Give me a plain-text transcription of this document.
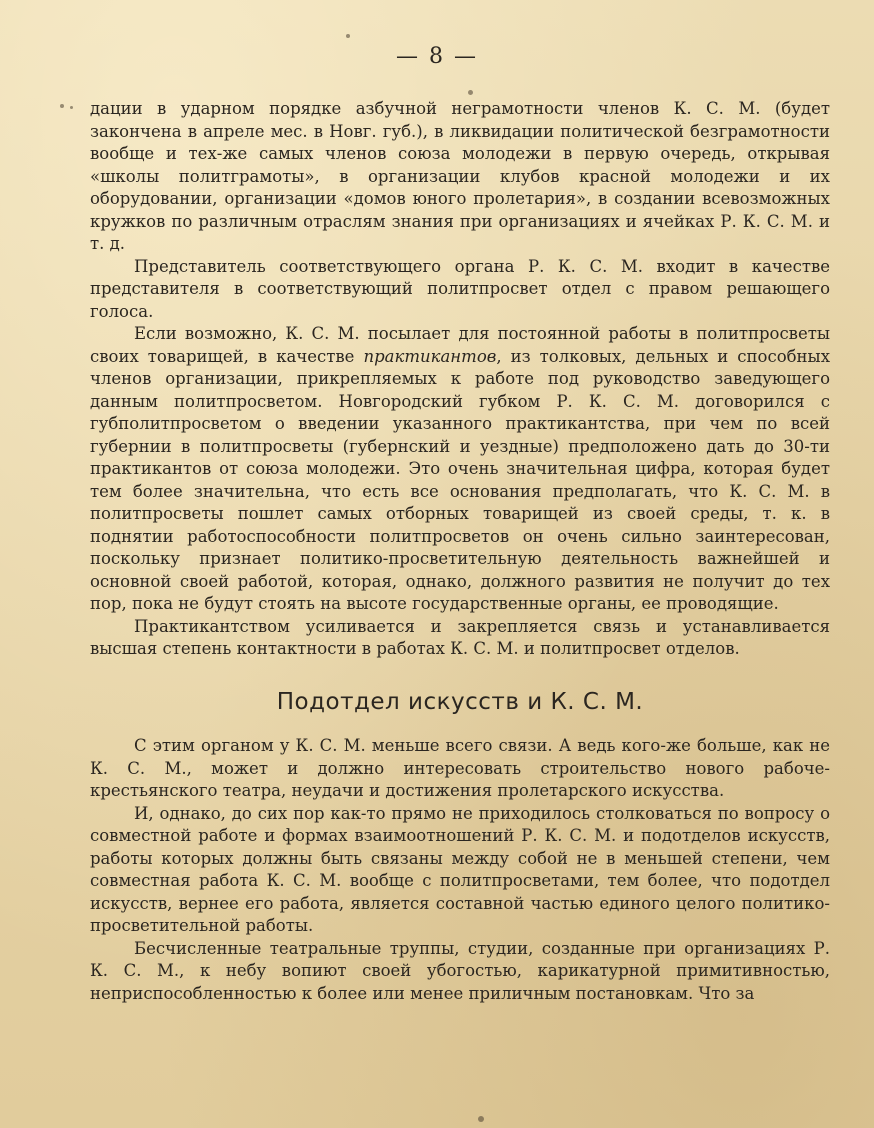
— 8 —

дации в ударном порядке азбучной неграмотности членов К. С. М. (будет закончена в апреле мес. в Новг. губ.), в ликвидации политической безграмотности вообще и тех-же самых членов союза молодежи в первую очередь, открывая «школы политграмоты», в организации клубов красной молодежи и их оборудовании, организации «домов юного пролетария», в создании всевозможных кружков по различным отраслям знания при организациях и ячейках Р. К. С. М. и т. д.

Представитель соответствующего органа Р. К. С. М. входит в качестве представителя в соответствующий политпросвет отдел с правом решающего голоса.

Если возможно, К. С. М. посылает для постоянной работы в политпросветы своих товарищей, в качестве практикантов, из толковых, дельных и способных членов организации, прикрепляемых к работе под руководство заведующего данным политпросветом. Новгородский губком Р. К. С. М. договорился с губполитпросветом о введении указанного практикантства, при чем по всей губернии в политпросветы (губернский и уездные) предположено дать до 30-ти практикантов от союза молодежи. Это очень значительная цифра, которая будет тем более значительна, что есть все основания предполагать, что К. С. М. в политпросветы пошлет самых отборных товарищей из своей среды, т. к. в поднятии работоспособности политпросветов он очень сильно заинтересован, поскольку признает политико-просветительную деятельность важнейшей и основной своей работой, которая, однако, должного развития не получит до тех пор, пока не будут стоять на высоте государственные органы, ее проводящие.

Практикантством усиливается и закрепляется связь и устанавливается высшая степень контактности в работах К. С. М. и политпросвет отделов.

Подотдел искусств и К. С. М.

С этим органом у К. С. М. меньше всего связи. А ведь кого-же больше, как не К. С. М., может и должно интересовать строительство нового рабоче-крестьянского театра, неудачи и достижения пролетарского искусства.

И, однако, до сих пор как-то прямо не приходилось столковаться по вопросу о совместной работе и формах взаимоотношений Р. К. С. М. и подотделов искусств, работы которых должны быть связаны между собой не в меньшей степени, чем совместная работа К. С. М. вообще с политпросветами, тем более, что подотдел искусств, вернее его работа, является составной частью единого целого политико-просветительной работы.

Бесчисленные театральные труппы, студии, созданные при организациях Р. К. С. М., к небу вопиют своей убогостью, карикатурной примитивностью, неприспособленностью к более или менее приличным постановкам. Что за
